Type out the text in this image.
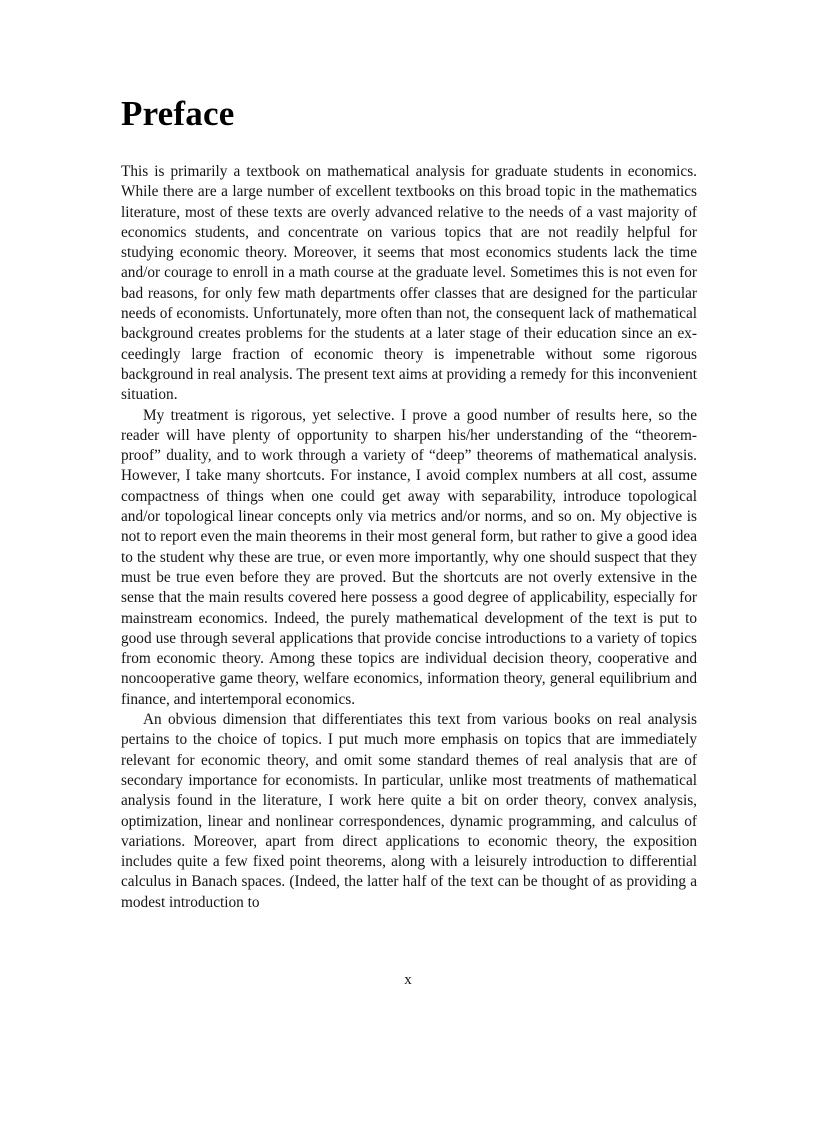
Preface

This is primarily a textbook on mathematical analysis for graduate students in economics. While there are a large number of excellent textbooks on this broad topic in the mathematics literature, most of these texts are overly advanced relative to the needs of a vast majority of economics students, and concentrate on various topics that are not readily helpful for studying economic theory. Moreover, it seems that most economics students lack the time and/or courage to enroll in a math course at the graduate level. Sometimes this is not even for bad reasons, for only few math departments offer classes that are designed for the particular needs of economists. Unfortunately, more often than not, the consequent lack of mathematical background creates problems for the students at a later stage of their education since an exceedingly large fraction of economic theory is impenetrable without some rigorous background in real analysis. The present text aims at providing a remedy for this inconvenient situation.

My treatment is rigorous, yet selective. I prove a good number of results here, so the reader will have plenty of opportunity to sharpen his/her understanding of the “theorem-proof” duality, and to work through a variety of “deep” theorems of mathematical analysis. However, I take many shortcuts. For instance, I avoid complex numbers at all cost, assume compactness of things when one could get away with separability, introduce topological and/or topological linear concepts only via metrics and/or norms, and so on. My objective is not to report even the main theorems in their most general form, but rather to give a good idea to the student why these are true, or even more importantly, why one should suspect that they must be true even before they are proved. But the shortcuts are not overly extensive in the sense that the main results covered here possess a good degree of applicability, especially for mainstream economics. Indeed, the purely mathematical development of the text is put to good use through several applications that provide concise introductions to a variety of topics from economic theory. Among these topics are individual decision theory, cooperative and noncooperative game theory, welfare economics, information theory, general equilibrium and finance, and intertemporal economics.

An obvious dimension that differentiates this text from various books on real analysis pertains to the choice of topics. I put much more emphasis on topics that are immediately relevant for economic theory, and omit some standard themes of real analysis that are of secondary importance for economists. In particular, unlike most treatments of mathematical analysis found in the literature, I work here quite a bit on order theory, convex analysis, optimization, linear and nonlinear correspondences, dynamic programming, and calculus of variations. Moreover, apart from direct applications to economic theory, the exposition includes quite a few fixed point theorems, along with a leisurely introduction to differential calculus in Banach spaces. (Indeed, the latter half of the text can be thought of as providing a modest introduction to

x
